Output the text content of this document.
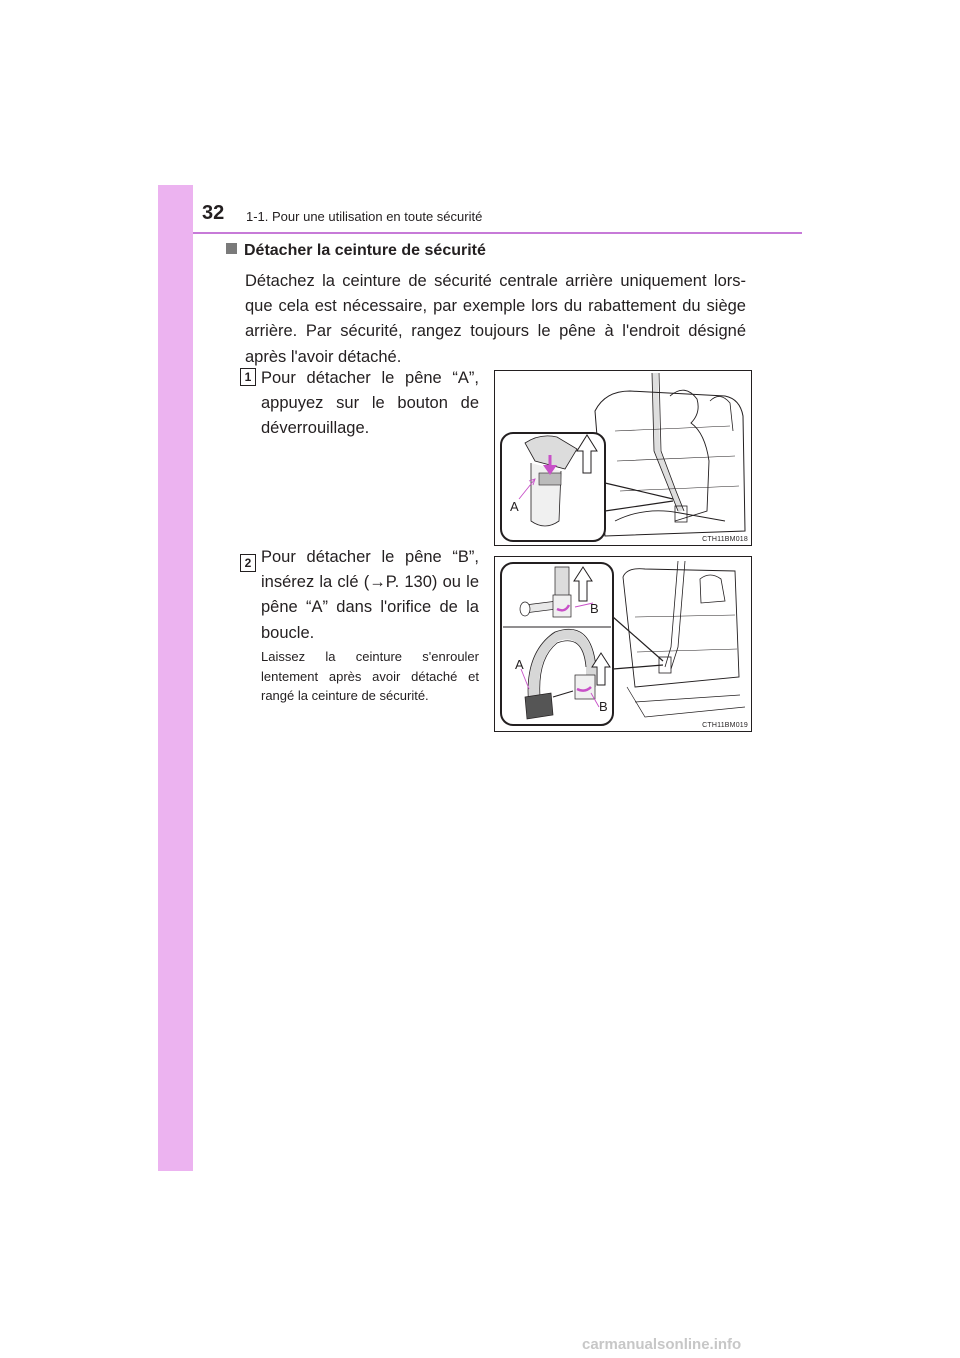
32 1-1. Pour une utilisation en toute sécurité
Détacher la ceinture de sécurité
Détachez la ceinture de sécurité centrale arrière uniquement lors-que cela est nécessaire, par exemple lors du rabattement du siège arrière. Par sécurité, rangez toujours le pêne à l'endroit désigné après l'avoir détaché.
1 Pour détacher le pêne “A”, appuyez sur le bouton de déverrouillage.
A
CTH11BM018
2 Pour détacher le pêne “B”, insérez la clé (→P. 130) ou le pêne “A” dans l'orifice de la boucle.
Laissez la ceinture s'enrouler lentement après avoir détaché et rangé la ceinture de sécurité.
B
A
B
CTH11BM019
carmanualsonline.info
